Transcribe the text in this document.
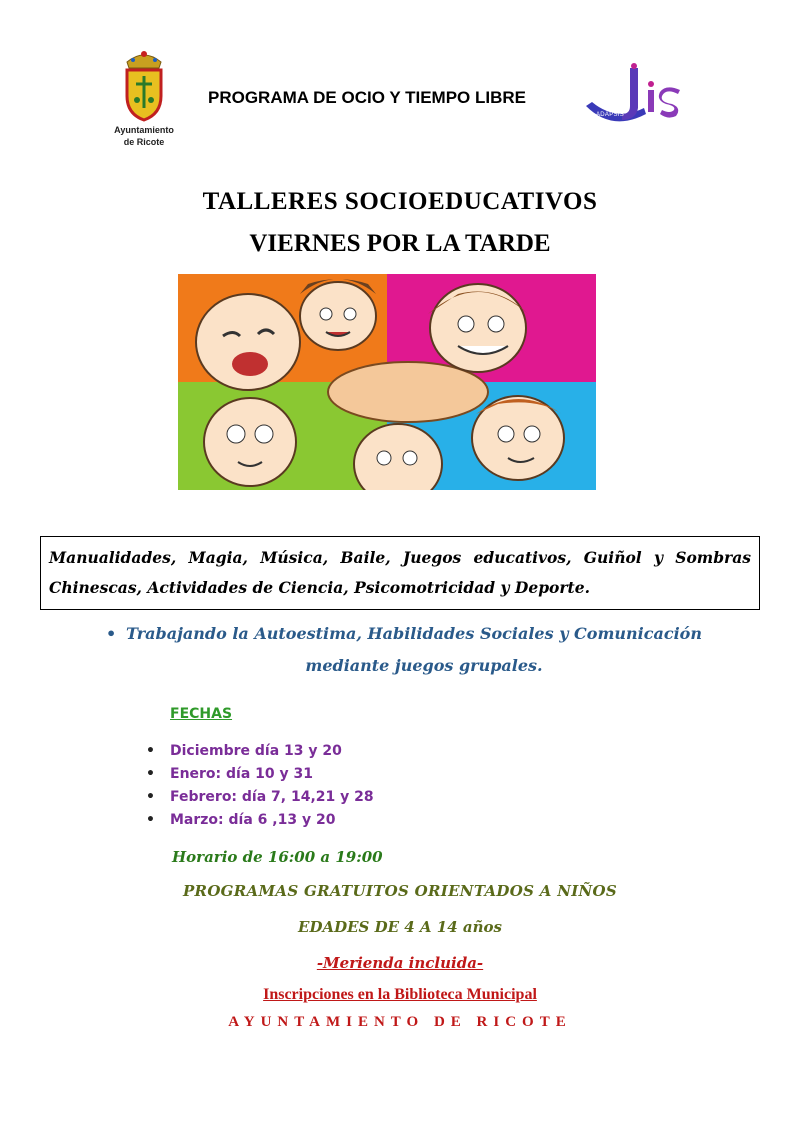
Ayuntamiento
de Ricote
PROGRAMA DE OCIO Y TIEMPO LIBRE
ADAPSIS
TALLERES SOCIOEDUCATIVOS
VIERNES POR LA TARDE
Manualidades, Magia, Música, Baile, Juegos educativos, Guiñol y Sombras Chinescas, Actividades de Ciencia, Psicomotricidad y Deporte.
• Trabajando la Autoestima, Habilidades Sociales y Comunicación
mediante juegos grupales.
FECHAS
• Diciembre día 13 y 20
• Enero: día 10 y 31
• Febrero: día 7, 14,21 y 28
• Marzo: día 6 ,13 y 20
Horario de 16:00 a 19:00
PROGRAMAS GRATUITOS ORIENTADOS A NIÑOS
EDADES DE 4 A 14 años
-Merienda incluida-
Inscripciones en la Biblioteca Municipal
AYUNTAMIENTO DE RICOTE
